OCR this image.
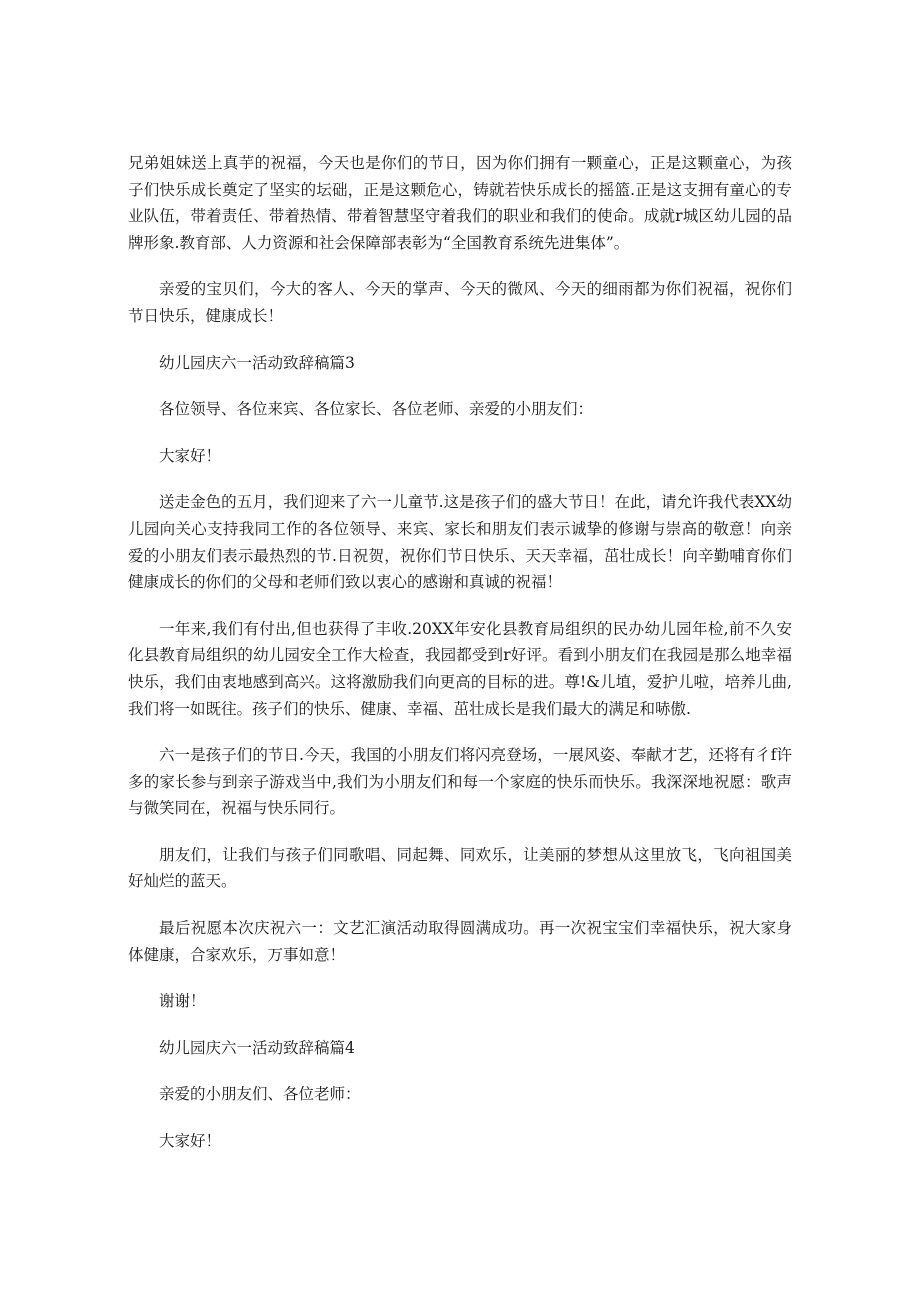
兄弟姐妹送上真芋的祝福，今天也是你们的节日，因为你们拥有一颗童心，正是这颗童心，为孩子们快乐成长奠定了坚实的坛础，正是这颗危心，铸就若快乐成长的摇篮.正是这支拥有童心的专业队伍，带着责任、带着热情、带着智慧坚守着我们的职业和我们的使命。成就r城区幼儿园的品牌形象.教育部、人力资源和社会保障部表彰为“全国教育系统先进集体”。

亲爱的宝贝们，今大的客人、今天的掌声、今天的微风、今天的细雨都为你们祝福，祝你们节日快乐，健康成长！

幼儿园庆六一活动致辞稿篇3

各位领导、各位来宾、各位家长、各位老师、亲爱的小朋友们：

大家好！

送走金色的五月，我们迎来了六一儿童节.这是孩子们的盛大节日！在此，请允许我代表XX幼儿园向关心支持我同工作的各位领导、来宾、家长和朋友们表示诚挚的修谢与崇高的敬意！向亲爱的小朋友们表示最热烈的节.日祝贺，祝你们节日快乐、天天幸福，茁壮成长！向辛勤哺育你们健康成长的你们的父母和老师们致以衷心的感谢和真诚的祝福！

一年来,我们有付出,但也获得了丰收.20XX年安化县教育局组织的民办幼儿园年检,前不久安化县教育局组织的幼儿园安全工作大检查，我园都受到r好评。看到小朋友们在我园是那么地幸福快乐，我们由衷地感到高兴。这将激励我们向更高的目标的进。尊!&儿埴，爱护儿啦，培养儿曲,我们将一如既往。孩子们的快乐、健康、幸福、茁壮成长是我们最大的满足和哧傲.

六一是孩子们的节日.今天，我国的小朋友们将闪亮登场，一展风姿、奉献才艺，还将有彳f许多的家长参与到亲子游戏当中,我们为小朋友们和每一个家庭的快乐而快乐。我深深地祝愿：歌声与微笑同在，祝福与快乐同行。

朋友们，让我们与孩子们同歌唱、同起舞、同欢乐，让美丽的梦想从这里放飞，飞向祖国美好灿烂的蓝天。

最后祝愿本次庆祝六一：文艺汇演活动取得圆满成功。再一次祝宝宝们幸福快乐，祝大家身体健康，合家欢乐，万事如意！

谢谢！

幼儿园庆六一活动致辞稿篇4

亲爱的小朋友们、各位老师：

大家好！
